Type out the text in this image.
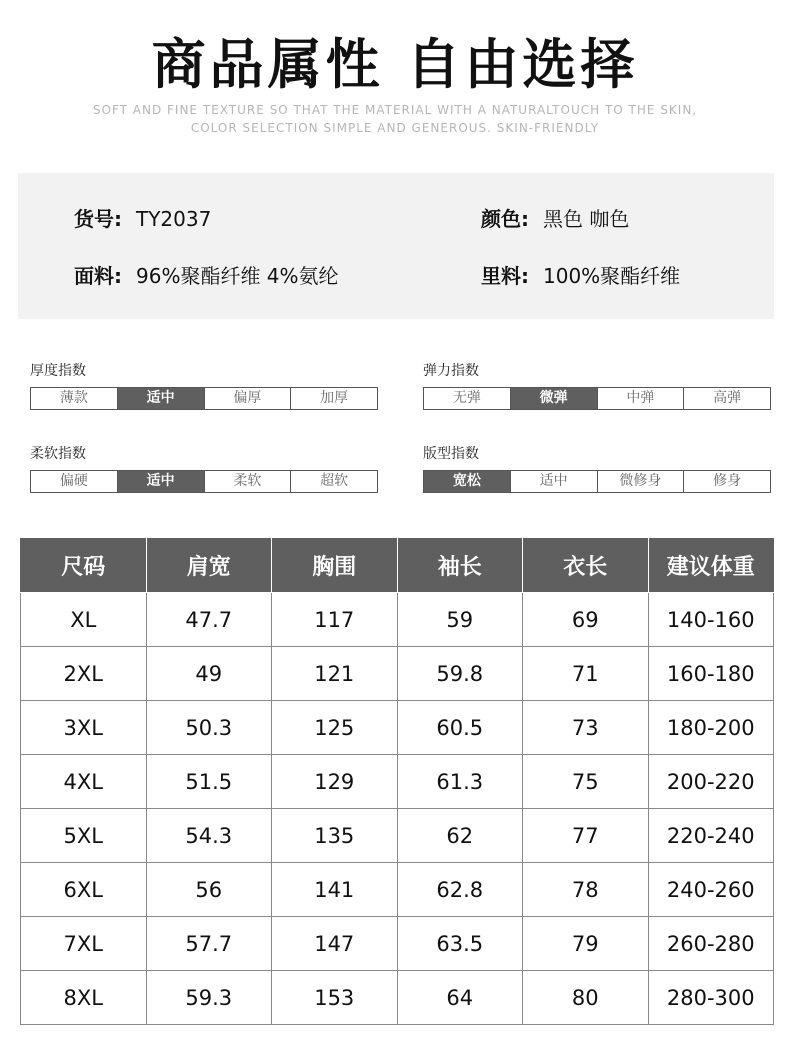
商品属性 自由选择
SOFT AND FINE TEXTURE SO THAT THE MATERIAL WITH A NATURALTOUCH TO THE SKIN,
COLOR SELECTION SIMPLE AND GENEROUS. SKIN-FRIENDLY
货号: TY2037	颜色: 黑色 咖色
面料: 96%聚酯纤维 4%氨纶	里料: 100%聚酯纤维
厚度指数
薄款	适中	偏厚	加厚
弹力指数
无弹	微弹	中弹	高弹
柔软指数
偏硬	适中	柔软	超软
版型指数
宽松	适中	微修身	修身
尺码	肩宽	胸围	袖长	衣长	建议体重
XL	47.7	117	59	69	140-160
2XL	49	121	59.8	71	160-180
3XL	50.3	125	60.5	73	180-200
4XL	51.5	129	61.3	75	200-220
5XL	54.3	135	62	77	220-240
6XL	56	141	62.8	78	240-260
7XL	57.7	147	63.5	79	260-280
8XL	59.3	153	64	80	280-300
